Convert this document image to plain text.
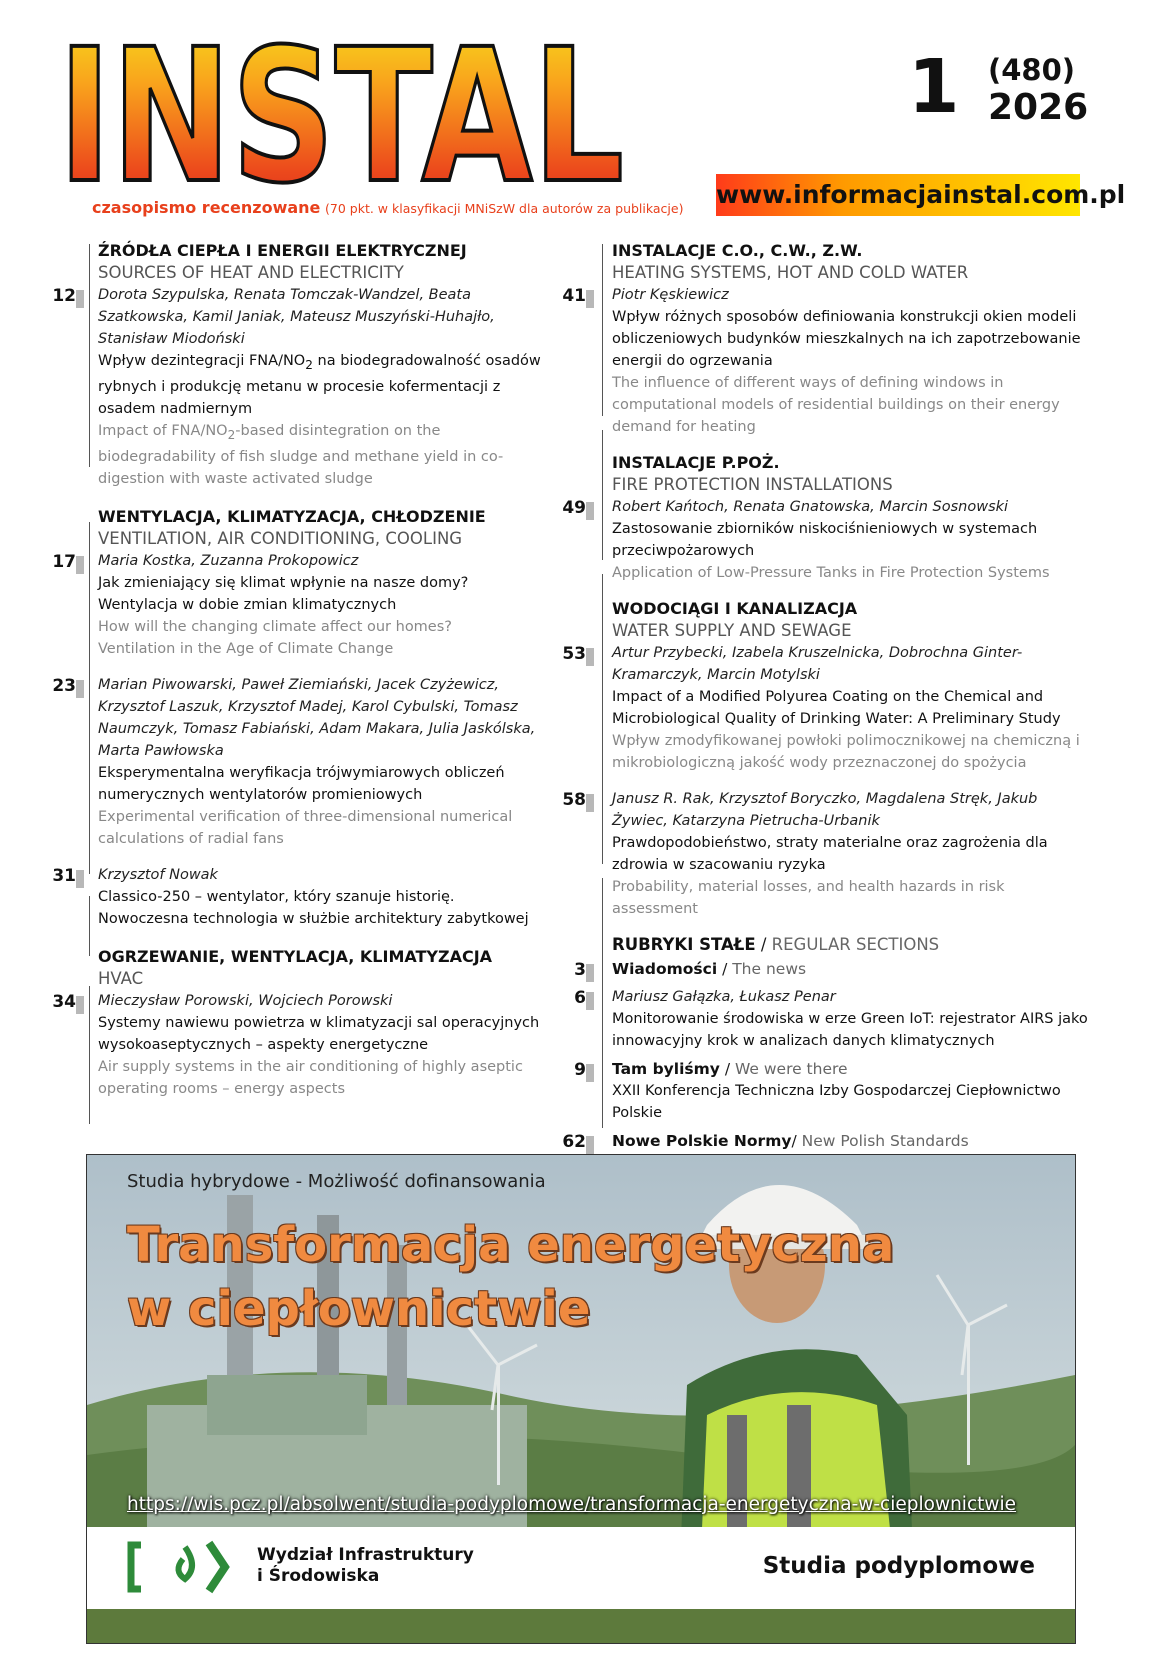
INSTAL	1 (480)
2026
www.informacjainstal.com.pl
czasopismo recenzowane (70 pkt. w klasyfikacji MNiSzW dla autorów za publikacje)
ŹRÓDŁA CIEPŁA I ENERGII ELEKTRYCZNEJ
SOURCES OF HEAT AND ELECTRICITY
12 Dorota Szypulska, Renata Tomczak-Wandzel, Beata Szatkowska, Kamil Janiak, Mateusz Muszyński-Huhajło, Stanisław Miodoński
Wpływ dezintegracji FNA/$NO_2$ na biodegradowalność osadów rybnych i produkcję metanu w procesie kofermentacji z osadem nadmiernym
Impact of FNA/$NO_2$-based disintegration on the biodegradability of fish sludge and methane yield in co-digestion with waste activated sludge
WENTYLACJA, KLIMATYZACJA, CHŁODZENIE
VENTILATION, AIR CONDITIONING, COOLING
17 Maria Kostka, Zuzanna Prokopowicz
Jak zmieniający się klimat wpłynie na nasze domy?
Wentylacja w dobie zmian klimatycznych
How will the changing climate affect our homes?
Ventilation in the Age of Climate Change
23 Marian Piwowarski, Paweł Ziemiański, Jacek Czyżewicz, Krzysztof Laszuk, Krzysztof Madej, Karol Cybulski, Tomasz Naumczyk, Tomasz Fabiański, Adam Makara, Julia Jaskólska, Marta Pawłowska
Eksperymentalna weryfikacja trójwymiarowych obliczeń numerycznych wentylatorów promieniowych
Experimental verification of three-dimensional numerical calculations of radial fans
31 Krzysztof Nowak
Classico-250 – wentylator, który szanuje historię.
Nowoczesna technologia w służbie architektury zabytkowej
OGRZEWANIE, WENTYLACJA, KLIMATYZACJA
HVAC
34 Mieczysław Porowski, Wojciech Porowski
Systemy nawiewu powietrza w klimatyzacji sal operacyjnych wysokoaseptycznych – aspekty energetyczne
Air supply systems in the air conditioning of highly aseptic operating rooms – energy aspects
INSTALACJE C.O., C.W., Z.W.
HEATING SYSTEMS, HOT AND COLD WATER
41 Piotr Kęskiewicz
Wpływ różnych sposobów definiowania konstrukcji okien modeli obliczeniowych budynków mieszkalnych na ich zapotrzebowanie energii do ogrzewania
The influence of different ways of defining windows in computational models of residential buildings on their energy demand for heating
INSTALACJE P.POŻ.
FIRE PROTECTION INSTALLATIONS
49 Robert Kańtoch, Renata Gnatowska, Marcin Sosnowski
Zastosowanie zbiorników niskociśnieniowych w systemach przeciwpożarowych
Application of Low-Pressure Tanks in Fire Protection Systems
WODOCIĄGI I KANALIZACJA
WATER SUPPLY AND SEWAGE
53 Artur Przybecki, Izabela Kruszelnicka, Dobrochna Ginter-Kramarczyk, Marcin Motylski
Impact of a Modified Polyurea Coating on the Chemical and Microbiological Quality of Drinking Water: A Preliminary Study
Wpływ zmodyfikowanej powłoki polimocznikowej na chemiczną i mikrobiologiczną jakość wody przeznaczonej do spożycia
58 Janusz R. Rak, Krzysztof Boryczko, Magdalena Stręk, Jakub Żywiec, Katarzyna Pietrucha-Urbanik
Prawdopodobieństwo, straty materialne oraz zagrożenia dla zdrowia w szacowaniu ryzyka
Probability, material losses, and health hazards in risk assessment
RUBRYKI STAŁE / REGULAR SECTIONS
3 Wiadomości / The news
6 Mariusz Gałązka, Łukasz Penar
Monitorowanie środowiska w erze Green IoT: rejestrator AIRS jako innowacyjny krok w analizach danych klimatycznych
9 Tam byliśmy / We were there
XXII Konferencja Techniczna Izby Gospodarczej Ciepłownictwo Polskie
62 Nowe Polskie Normy/ New Polish Standards
Studia hybrydowe - Możliwość dofinansowania
Transformacja energetyczna
w ciepłownictwie
https://wis.pcz.pl/absolwent/studia-podyplomowe/transformacja-energetyczna-w-cieplownictwie
Wydział Infrastruktury
i Środowiska	Studia podyplomowe
